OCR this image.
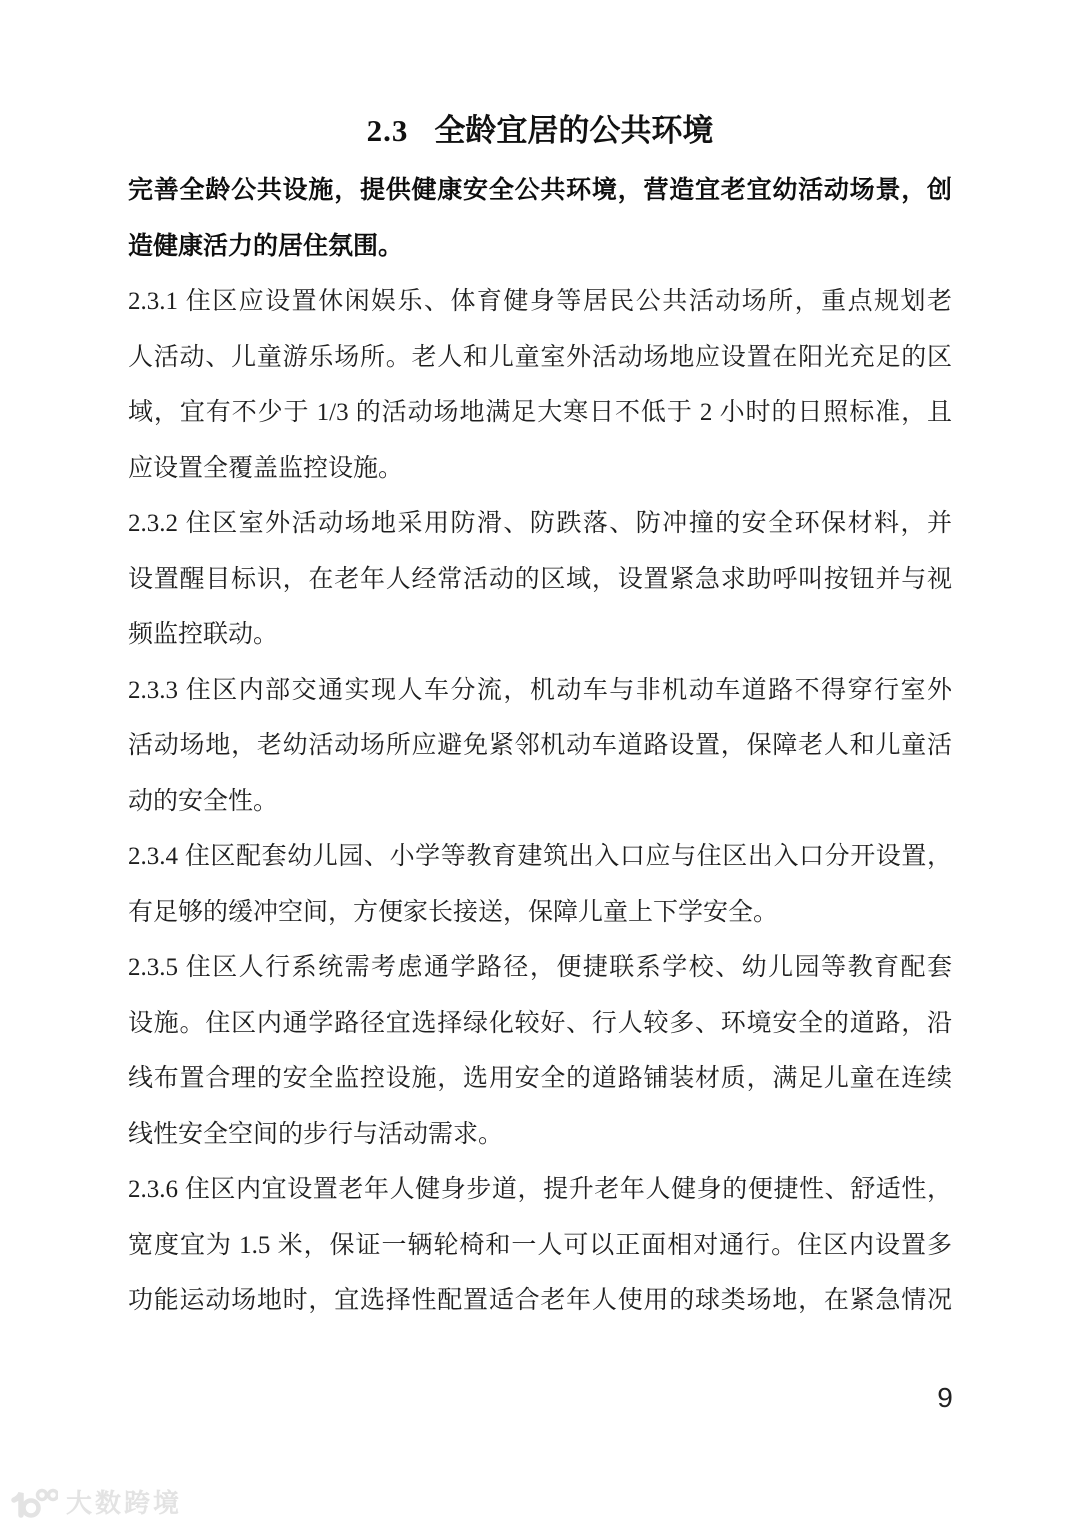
2.3 全龄宜居的公共环境
完善全龄公共设施，提供健康安全公共环境，营造宜老宜幼活动场景，创
造健康活力的居住氛围。
2.3.1 住区应设置休闲娱乐、体育健身等居民公共活动场所，重点规划老
人活动、儿童游乐场所。老人和儿童室外活动场地应设置在阳光充足的区
域，宜有不少于 1/3 的活动场地满足大寒日不低于 2 小时的日照标准，且
应设置全覆盖监控设施。
2.3.2 住区室外活动场地采用防滑、防跌落、防冲撞的安全环保材料，并
设置醒目标识，在老年人经常活动的区域，设置紧急求助呼叫按钮并与视
频监控联动。
2.3.3 住区内部交通实现人车分流，机动车与非机动车道路不得穿行室外
活动场地，老幼活动场所应避免紧邻机动车道路设置，保障老人和儿童活
动的安全性。
2.3.4 住区配套幼儿园、小学等教育建筑出入口应与住区出入口分开设置，
有足够的缓冲空间，方便家长接送，保障儿童上下学安全。
2.3.5 住区人行系统需考虑通学路径，便捷联系学校、幼儿园等教育配套
设施。住区内通学路径宜选择绿化较好、行人较多、环境安全的道路，沿
线布置合理的安全监控设施，选用安全的道路铺装材质，满足儿童在连续
线性安全空间的步行与活动需求。
2.3.6 住区内宜设置老年人健身步道，提升老年人健身的便捷性、舒适性，
宽度宜为 1.5 米，保证一辆轮椅和一人可以正面相对通行。住区内设置多
功能运动场地时，宜选择性配置适合老年人使用的球类场地，在紧急情况
9
大数跨境
